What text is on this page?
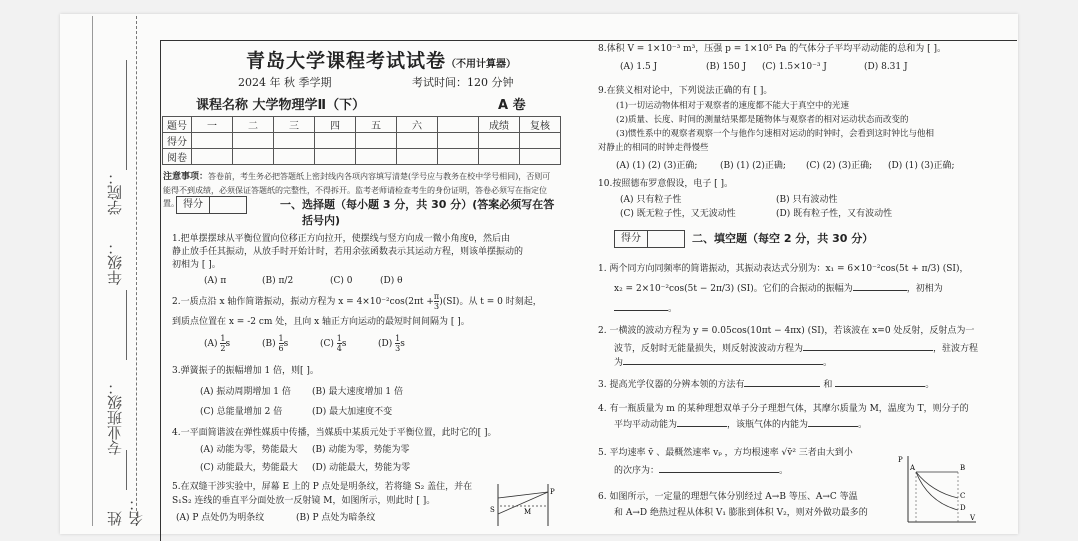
学院：
年级：
专业班级：
姓名：
青岛大学课程考试试卷（不用计算器）
2024 年 秋 季学期	考试时间：120 分钟
课程名称 大学物理学Ⅱ（下）	A 卷
题号	一	二	三	四	五	六		成绩	复核
得分									
阅卷									
注意事项：答卷前，考生务必把答题纸上密封线内各项内容填写清楚(学号应与教务在校中学号相同)，否则可能得不到成绩，必须保证答题纸的完整性，不得拆开。监考老师请检查考生的身份证明，答卷必须写在指定位置。 得分	一、选择题（每小题 3 分，共 30 分）(答案必须写在答
括号内)
1.把单摆摆球从平衡位置向位移正方向拉开，使摆线与竖方向成一微小角度θ，然后由
静止放手任其振动，从放手时开始计时，若用余弦函数表示其运动方程，则该单摆振动的
初相为 [ ]。
(A) π	(B) π/2	(C) 0	(D) θ
2.一质点沿 x 轴作简谐振动，振动方程为 $x = 4\times 10^{-2}\cos(2\pi t +\frac{\pi}{3} )(SI)$。从 t = 0 时刻起，
到质点位置在 x = -2 cm 处，且向 x 轴正方向运动的最短时间间隔为 [ ]。
$(A) \frac{1}{2}$ s	$(B) \frac{1}{6}$ s	$(C) \frac{1}{4}$ s	$(D) \frac{1}{3}$ s
3.弹簧振子的振幅增加 1 倍，则[ ]。
(A) 振动周期增加 1 倍 (B) 最大速度增加 1 倍
(C) 总能量增加 2 倍	(D) 最大加速度不变
4.一平面简谐波在弹性媒质中传播，当媒质中某质元处于平衡位置，此时它的[ ]。
(A) 动能为零，势能最大 (B) 动能为零，势能为零
(C) 动能最大，势能最大 (D) 动能最大，势能为零
5.在双缝干涉实验中，屏幕 E 上的 P 点处是明条纹，若将缝 S₂ 盖住，并在
S₁S₂ 连线的垂直平分面处放一反射镜 M，如图所示，则此时 [ ]。
(A) P 点处仍为明条纹	(B) P 点处为暗条纹
S	M
P
8.体积 V = 1×10⁻³ m³，压强 p = 1×10⁵ Pa 的气体分子平均平动动能的总和为 [ ]。
(A) 1.5 J	(B) 150 J (C) 1.5×10⁻³ J	(D) 8.31 J
9.在狭义相对论中，下列说法正确的有 [ ]。
(1)一切运动物体相对于观察者的速度都不能大于真空中的光速
(2)质量、长度、时间的测量结果都是随物体与观察者的相对运动状态而改变的
(3)惯性系中的观察者观察一个与他作匀速相对运动的时钟时，会看到这时钟比与他相
对静止的相同的时钟走得慢些
(A) (1) (2) (3)正确;	(B) (1) (2)正确; (C) (2) (3)正确; (D) (1) (3)正确;
10.按照德布罗意假设，电子 [ ]。
(A) 只有粒子性	(B) 只有波动性
(C) 既无粒子性，又无波动性	(D) 既有粒子性，又有波动性
得分	二、填空题（每空 2 分，共 30 分）
1. 两个同方向同频率的简谐振动，其振动表达式分别为：x₁ = 6×10⁻²cos(5t + π/3) (SI)，
x₂ = 2×10⁻²cos(5t − 2π/3) (SI)。它们的合振动的振幅为	，初相为
。
2. 一横波的波动方程为 y = 0.05cos(10πt − 4πx) (SI)，若该波在 x=0 处反射，反射点为一
波节，反射时无能量损失，则反射波波动方程为	，驻波方程
为	。
3. 提高光学仪器的分辨本领的方法有	和	。
4. 有一瓶质量为 m 的某种理想双单子分子理想气体，其摩尔质量为 M，温度为 T，则分子的
平均平动动能为	，该瓶气体的内能为	。
5. 平均速率 v̄ 、最概然速率 vₚ ，方均根速率 √v̄² 三者由大到小
的次序为：	。
6. 如图所示，一定量的理想气体分别经过 A→B 等压、A→C 等温
和 A→D 绝热过程从体积 V₁ 膨胀到体积 V₂，则对外做功最多的
P
A	B
C
D
V
